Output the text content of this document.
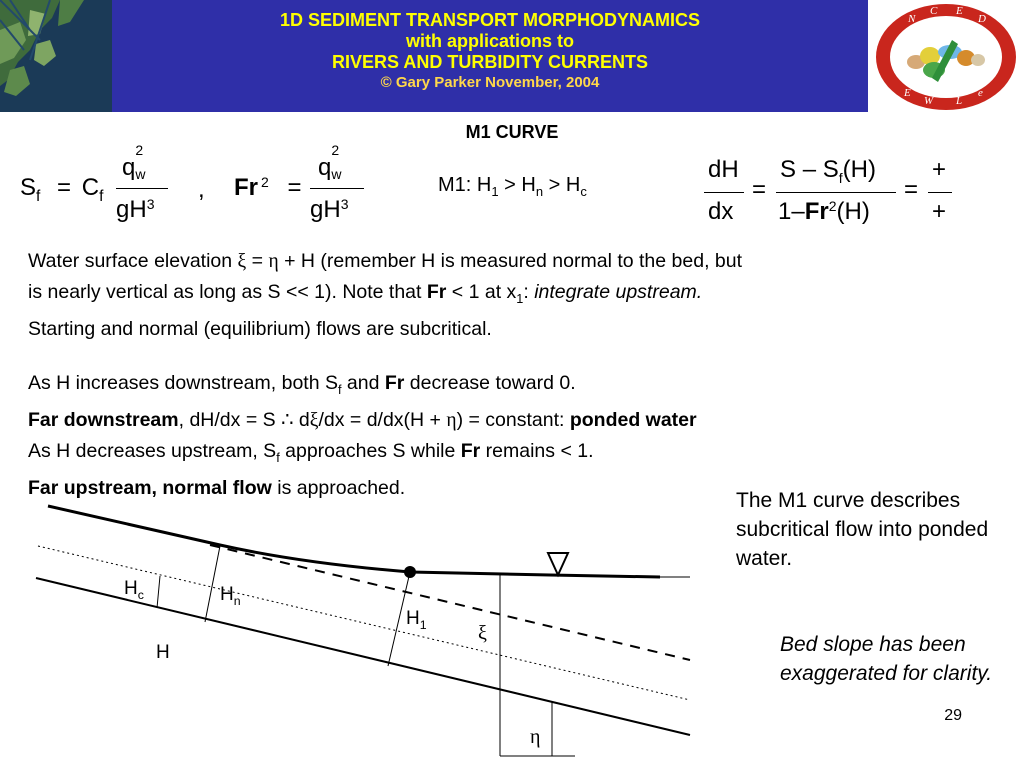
1D SEDIMENT TRANSPORT MORPHODYNAMICS
with applications to
RIVERS AND TURBIDITY CURRENTS
© Gary Parker November, 2004
N
C E
D
E
W L
e
M1 CURVE
$S_f = C_f$
q
2
w
$gH^3$
, Fr $^2$ =
q
2
w
$gH^3$
M1: $H_1 > H_n > H_c$
dH
dx
=
S – $S_f(H)$
$1-Fr^2(H)$
=
+
+
Water surface elevation ξ = η + H (remember H is measured normal to the bed, but
is nearly vertical as long as S << 1). Note that Fr < 1 at $x_1$: integrate upstream.
Starting and normal (equilibrium) flows are subcritical.
As H increases downstream, both $S_f$ and Fr decrease toward 0.
Far downstream, dH/dx = S ∴ dξ/dx = d/dx(H + η) = constant: ponded water
As H decreases upstream, $S_f$ approaches S while Fr remains < 1.
Far upstream, normal flow is approached.
The M1 curve describes subcritical flow into ponded water.
Bed slope has been exaggerated for clarity.
$H_c$	$H_n$
$H_1$
H
ξ
η
29
